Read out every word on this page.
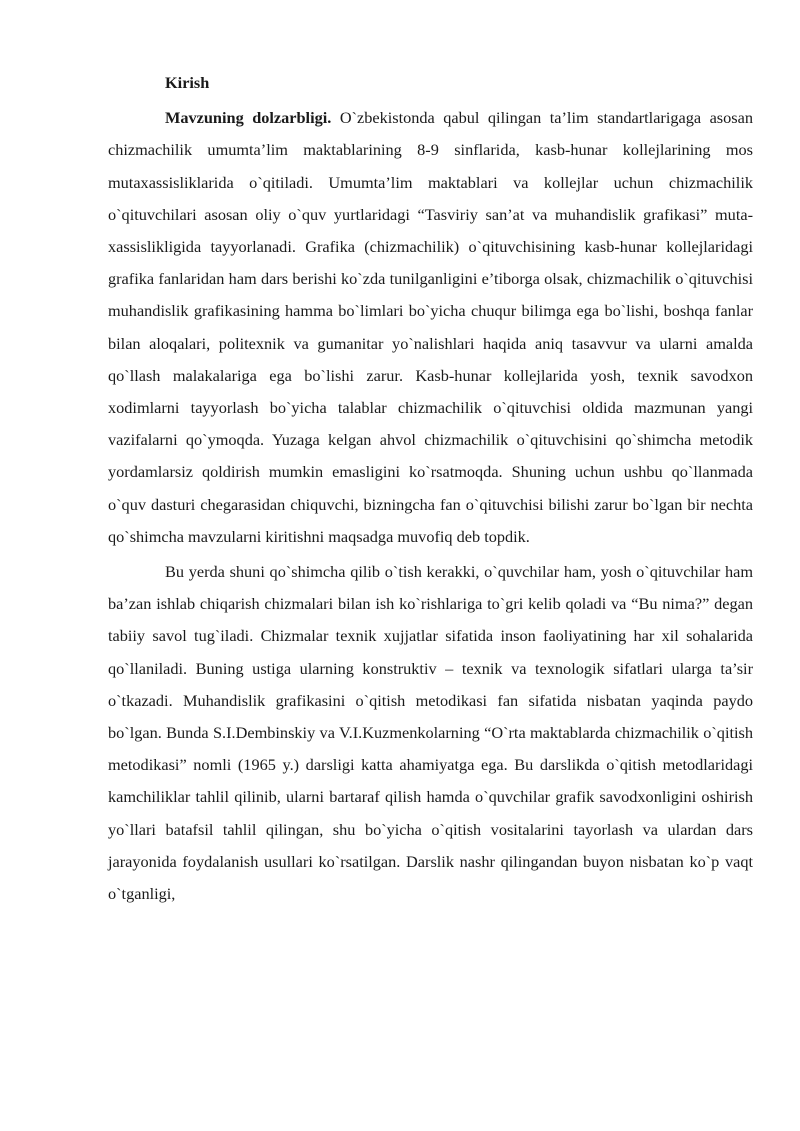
Kirish

Mavzuning dolzarbligi. O`zbekistonda qabul qilingan ta’lim standartlarigaga asosan chizmachilik umumta’lim maktablarining 8-9 sinflarida, kasb-hunar kollejlarining mos mutaxassisliklarida o`qitiladi. Umumta’lim maktablari va kollejlar uchun chizmachilik o`qituvchilari asosan oliy o`quv yurtlaridagi “Tasviriy san’at va muhandislik grafikasi” muta-xassislikligida tayyorlanadi. Grafika (chizmachilik) o`qituvchisining kasb-hunar kollejlaridagi grafika fanlaridan ham dars berishi ko`zda tunilganligini e’tiborga olsak, chizmachilik o`qituvchisi muhandislik grafikasining hamma bo`limlari bo`yicha chuqur bilimga ega bo`lishi, boshqa fanlar bilan aloqalari, politexnik va gumanitar yo`nalishlari haqida aniq tasavvur va ularni amalda qo`llash malakalariga ega bo`lishi zarur. Kasb-hunar kollejlarida yosh, texnik savodxon xodimlarni tayyorlash bo`yicha talablar chizmachilik o`qituvchisi oldida mazmunan yangi vazifalarni qo`ymoqda. Yuzaga kelgan ahvol chizmachilik o`qituvchisini qo`shimcha metodik yordamlarsiz qoldirish mumkin emasligini ko`rsatmoqda. Shuning uchun ushbu qo`llanmada o`quv dasturi chegarasidan chiquvchi, bizningcha fan o`qituvchisi bilishi zarur bo`lgan bir nechta qo`shimcha mavzularni kiritishni maqsadga muvofiq deb topdik.

Bu yerda shuni qo`shimcha qilib o`tish kerakki, o`quvchilar ham, yosh o`qituvchilar ham ba’zan ishlab chiqarish chizmalari bilan ish ko`rishlariga to`gri kelib qoladi va “Bu nima?” degan tabiiy savol tug`iladi. Chizmalar texnik xujjatlar sifatida inson faoliyatining har xil sohalarida qo`llaniladi. Buning ustiga ularning konstruktiv – texnik va texnologik sifatlari ularga ta’sir o`tkazadi. Muhandislik grafikasini o`qitish metodikasi fan sifatida nisbatan yaqinda paydo bo`lgan. Bunda S.I.Dembinskiy va V.I.Kuzmenkolarning “O`rta maktablarda chizmachilik o`qitish metodikasi” nomli (1965 y.) darsligi katta ahamiyatga ega. Bu darslikda o`qitish metodlaridagi kamchiliklar tahlil qilinib, ularni bartaraf qilish hamda o`quvchilar grafik savodxonligini oshirish yo`llari batafsil tahlil qilingan, shu bo`yicha o`qitish vositalarini tayorlash va ulardan dars jarayonida foydalanish usullari ko`rsatilgan. Darslik nashr qilingandan buyon nisbatan ko`p vaqt o`tganligi,
